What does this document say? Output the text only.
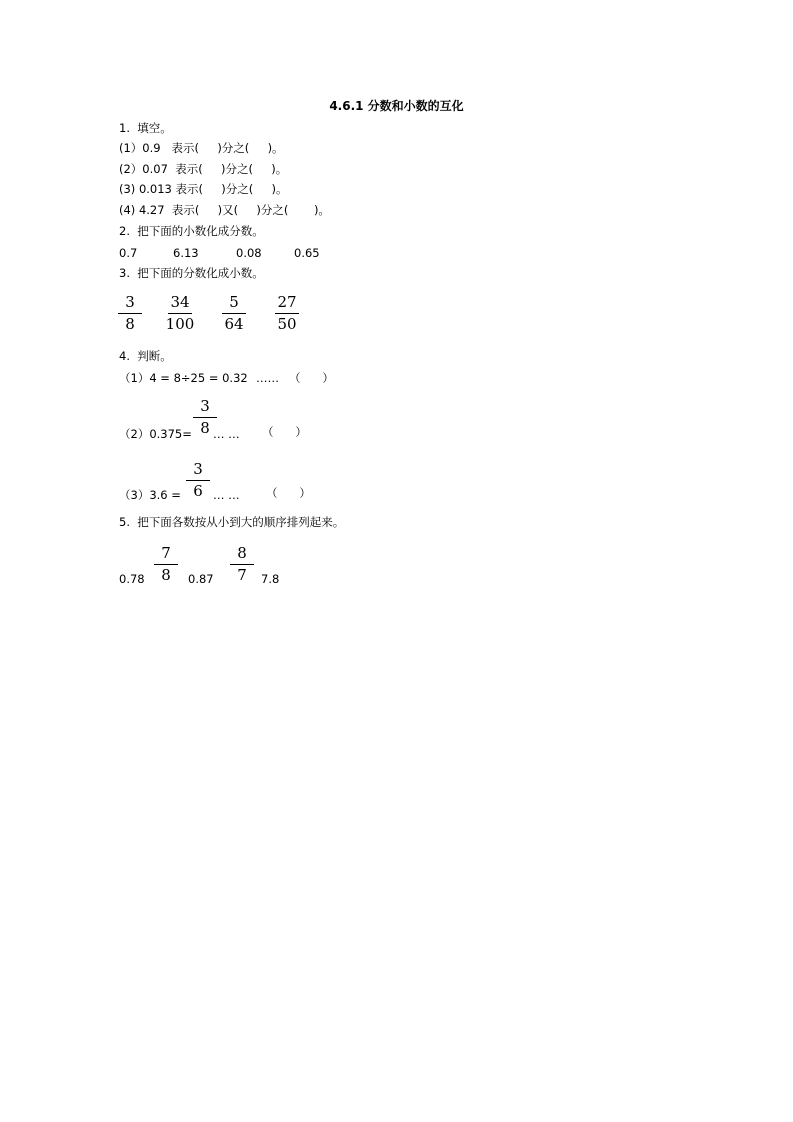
4.6.1 分数和小数的互化
1.  填空。
(1）0.9   表示(     )分之(     )。
(2）0.07  表示(     )分之(     )。
(3) 0.013 表示(     )分之(     )。
(4) 4.27  表示(     )又(     )分之(       )。
2.  把下面的小数化成分数。
0.7	6.13	0.08	0.65
3.  把下面的分数化成小数。
3
8
34
100
5
64
27
50
4.  判断。
（1）4 = 8÷25 = 0.32 …… （      ）
3
8
（2）0.375= … … （      ）
3
6
（3）3.6 =	… … （      ）
5.  把下面各数按从小到大的顺序排列起来。
7
8
8
7
0.78	0.87	7.8
